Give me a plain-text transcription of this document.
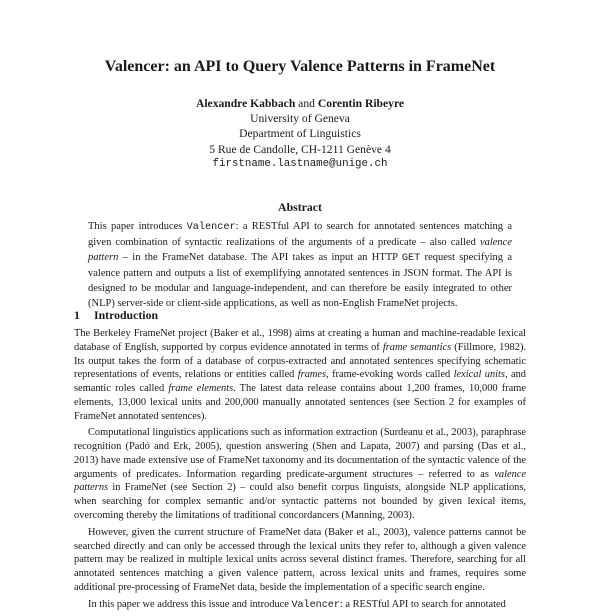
Valencer: an API to Query Valence Patterns in FrameNet
Alexandre Kabbach and Corentin Ribeyre
University of Geneva
Department of Linguistics
5 Rue de Candolle, CH-1211 Genève 4
firstname.lastname@unige.ch
Abstract

This paper introduces Valencer: a RESTful API to search for annotated sentences matching a given combination of syntactic realizations of the arguments of a predicate – also called valence pattern – in the FrameNet database. The API takes as input an HTTP GET request specifying a valence pattern and outputs a list of exemplifying annotated sentences in JSON format. The API is designed to be modular and language-independent, and can therefore be easily integrated to other (NLP) server-side or client-side applications, as well as non-English FrameNet projects.

1 Introduction

The Berkeley FrameNet project (Baker et al., 1998) aims at creating a human and machine-readable lexical database of English, supported by corpus evidence annotated in terms of frame semantics (Fillmore, 1982). Its output takes the form of a database of corpus-extracted and annotated sentences specifying schematic representations of events, relations or entities called frames, frame-evoking words called lexical units, and semantic roles called frame elements. The latest data release contains about 1,200 frames, 10,000 frame elements, 13,000 lexical units and 200,000 manually annotated sentences (see Section 2 for examples of FrameNet annotated sentences).

Computational linguistics applications such as information extraction (Surdeanu et al., 2003), paraphrase recognition (Padó and Erk, 2005), question answering (Shen and Lapata, 2007) and parsing (Das et al., 2013) have made extensive use of FrameNet taxonomy and its documentation of the syntactic valence of the arguments of predicates. Information regarding predicate-argument structures – referred to as valence patterns in FrameNet (see Section 2) – could also benefit corpus linguists, alongside NLP applications, when searching for complex semantic and/or syntactic patterns not bounded by given lexical items, overcoming thereby the limitations of traditional concordancers (Manning, 2003).

However, given the current structure of FrameNet data (Baker et al., 2003), valence patterns cannot be searched directly and can only be accessed through the lexical units they refer to, although a given valence pattern may be realized in multiple lexical units across several distinct frames. Therefore, searching for all annotated sentences matching a given valence pattern, across lexical units and frames, requires some additional pre-processing of FrameNet data, beside the implementation of a specific search engine.

In this paper we address this issue and introduce Valencer: a RESTful API to search for annotated
